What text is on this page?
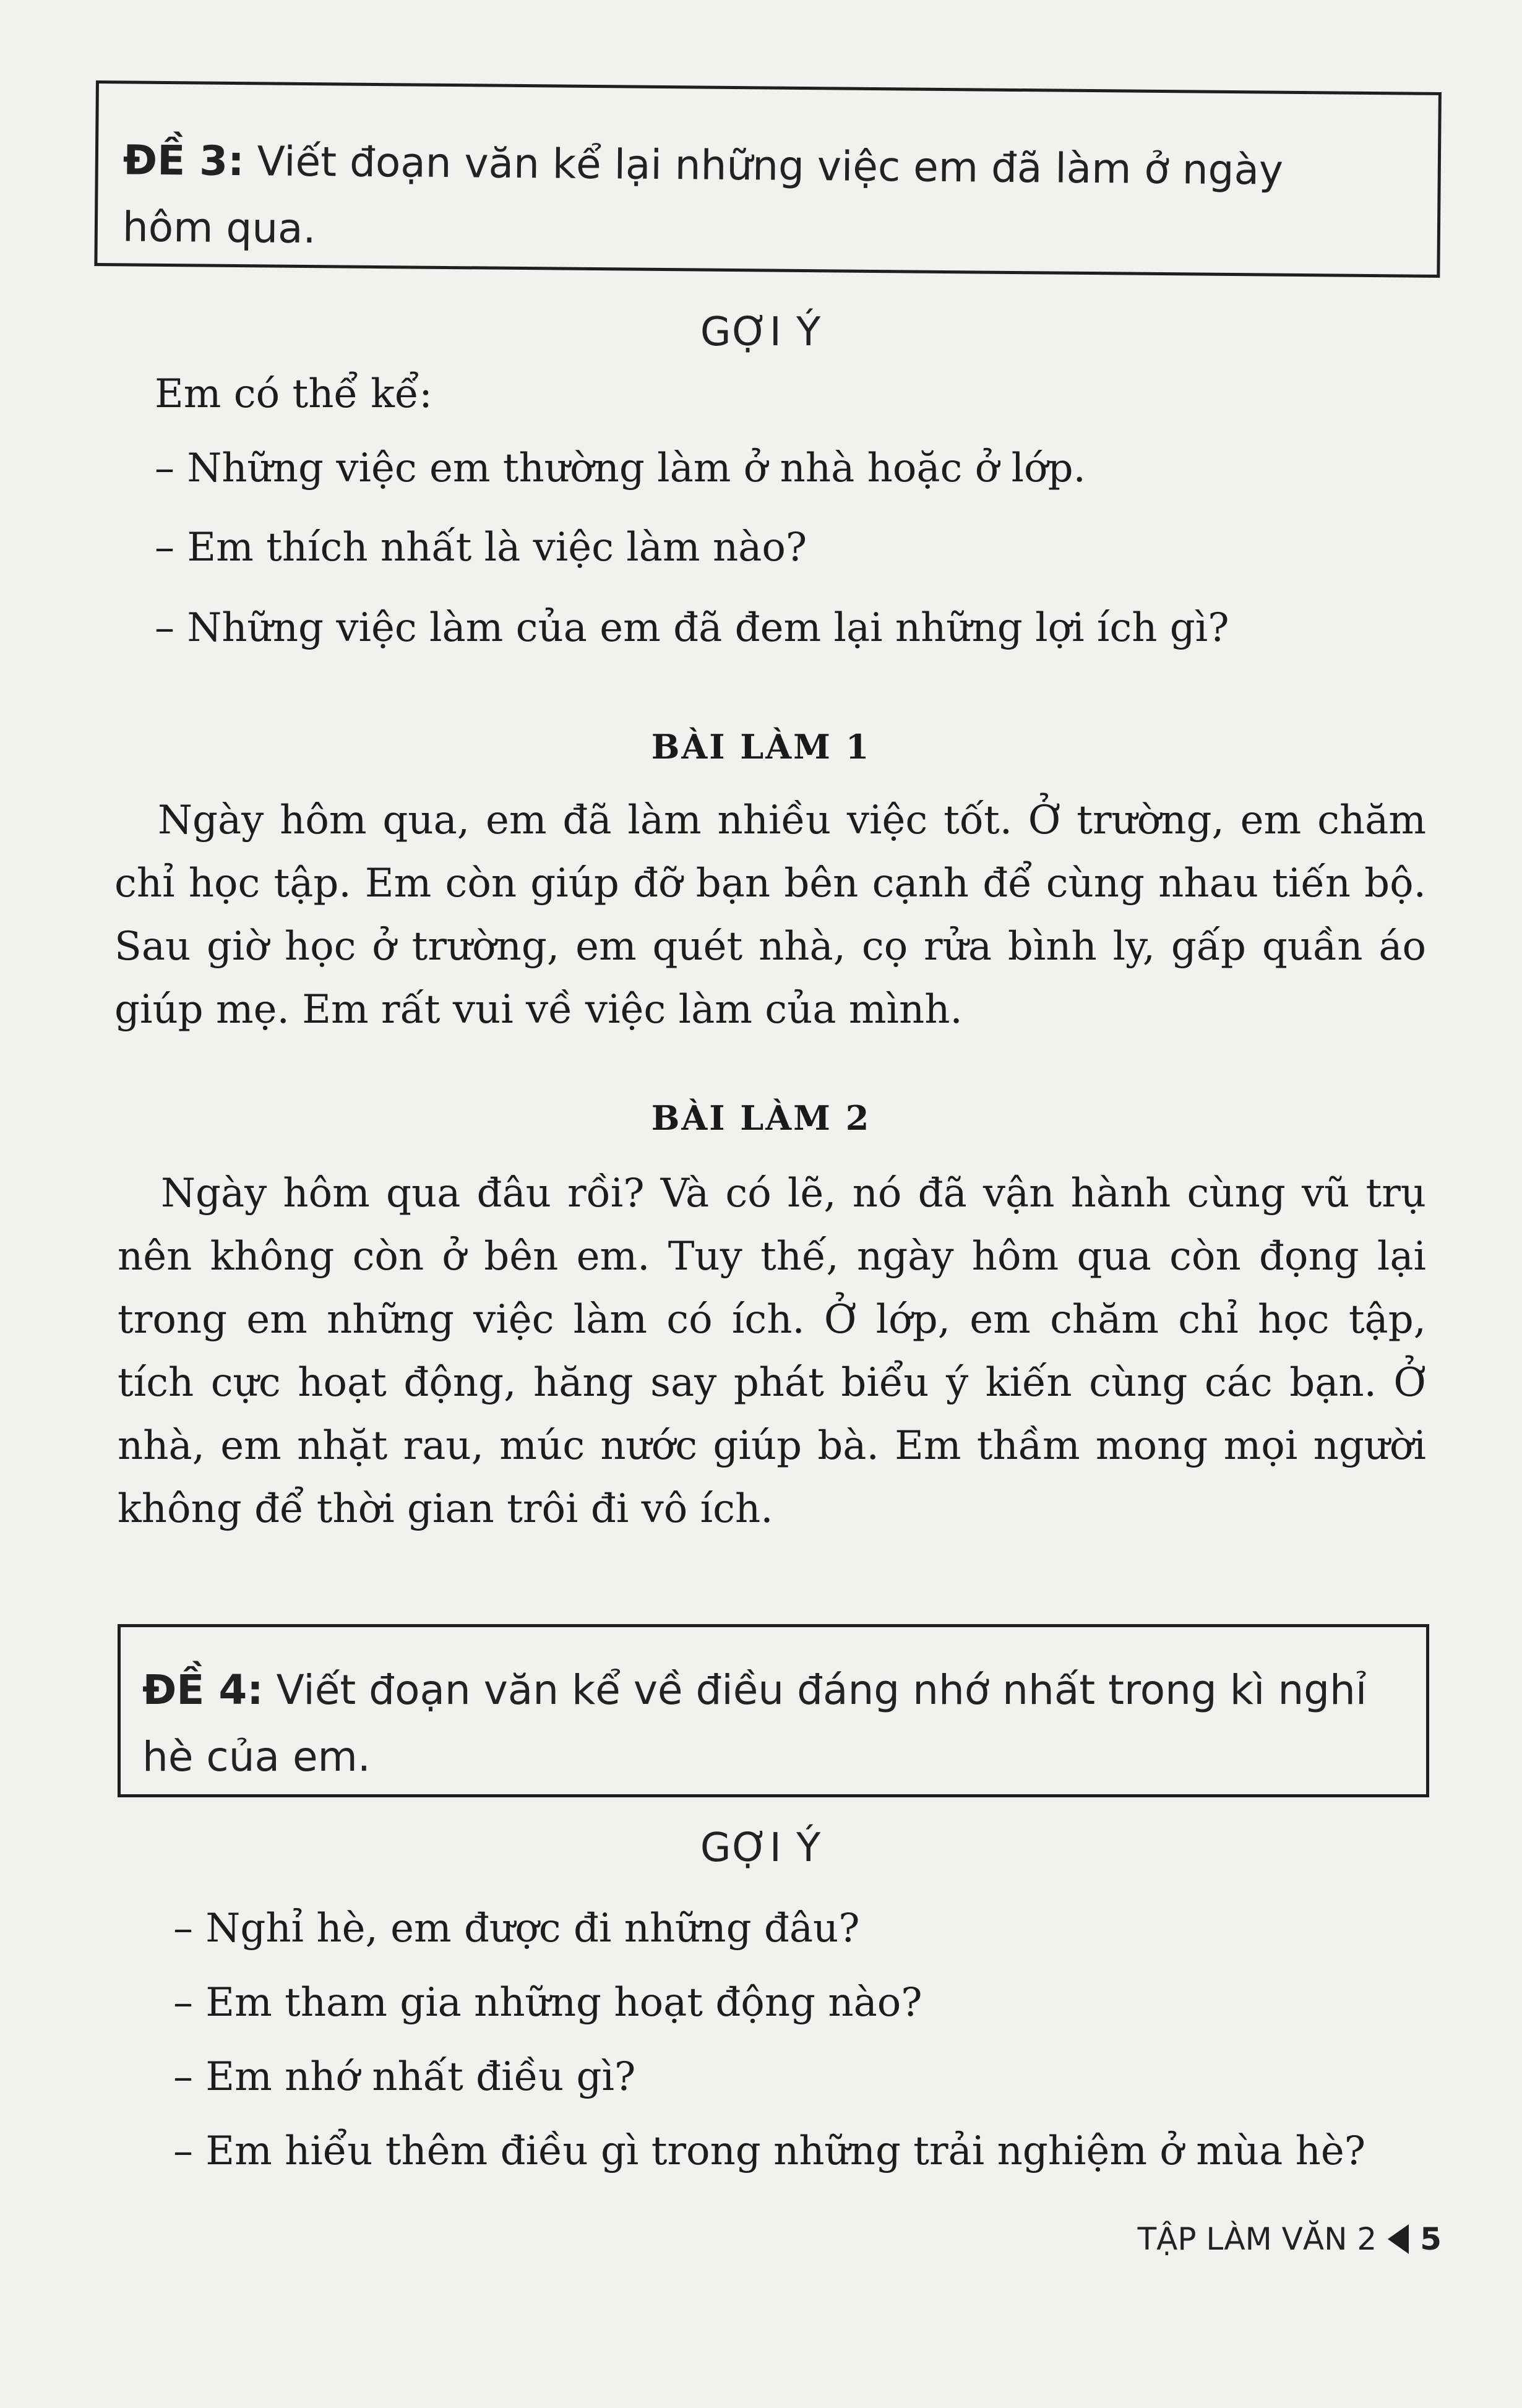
ĐỀ 3: Viết đoạn văn kể lại những việc em đã làm ở ngày
hôm qua.
GỢI Ý
Em có thể kể:
– Những việc em thường làm ở nhà hoặc ở lớp.
– Em thích nhất là việc làm nào?
– Những việc làm của em đã đem lại những lợi ích gì?
BÀI LÀM 1
Ngày hôm qua, em đã làm nhiều việc tốt. Ở trường, em chăm chỉ học tập. Em còn giúp đỡ bạn bên cạnh để cùng nhau tiến bộ. Sau giờ học ở trường, em quét nhà, cọ rửa bình ly, gấp quần áo giúp mẹ. Em rất vui về việc làm của mình.
BÀI LÀM 2
Ngày hôm qua đâu rồi? Và có lẽ, nó đã vận hành cùng vũ trụ nên không còn ở bên em. Tuy thế, ngày hôm qua còn đọng lại trong em những việc làm có ích. Ở lớp, em chăm chỉ học tập, tích cực hoạt động, hăng say phát biểu ý kiến cùng các bạn. Ở nhà, em nhặt rau, múc nước giúp bà. Em thầm mong mọi người không để thời gian trôi đi vô ích.
ĐỀ 4: Viết đoạn văn kể về điều đáng nhớ nhất trong kì nghỉ
hè của em.
GỢI Ý
– Nghỉ hè, em được đi những đâu?
– Em tham gia những hoạt động nào?
– Em nhớ nhất điều gì?
– Em hiểu thêm điều gì trong những trải nghiệm ở mùa hè?
TẬP LÀM VĂN 2 5
